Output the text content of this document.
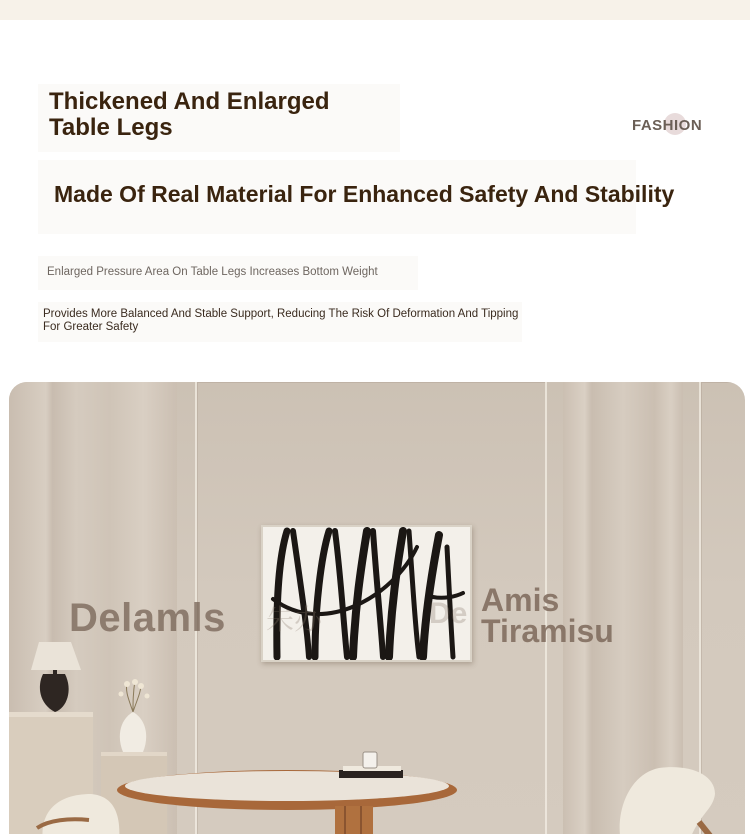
Thickened And Enlarged
Table Legs	FASHION
Made Of Real Material For Enhanced Safety And Stability
Enlarged Pressure Area On Table Legs Increases Bottom Weight
Provides More Balanced And Stable Support, Reducing The Risk Of Deformation And Tipping For Greater Safety
Delamls 朱办	De Amis
Tiramisu
